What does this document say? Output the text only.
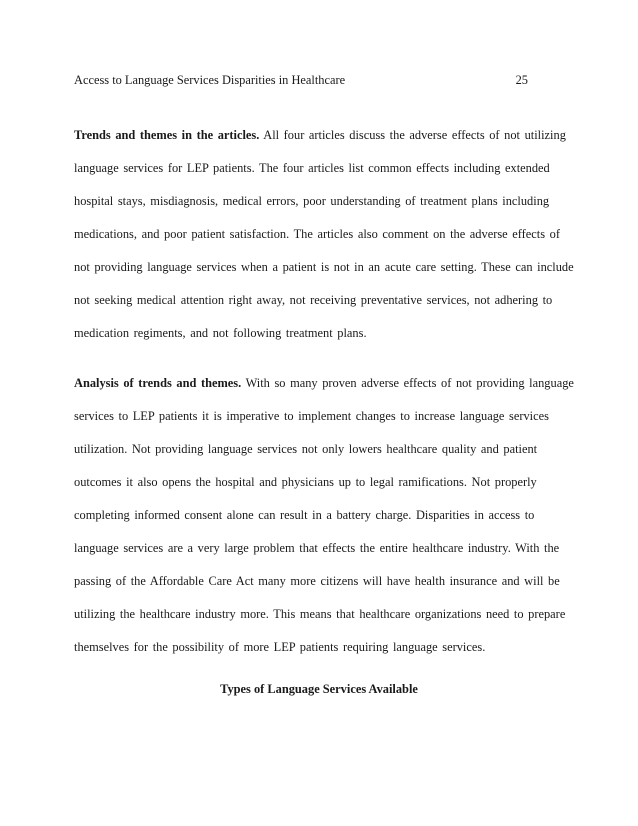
Access to Language Services Disparities in Healthcare	25
Trends and themes in the articles. All four articles discuss the adverse effects of not utilizing
language services for LEP patients. The four articles list common effects including extended
hospital stays, misdiagnosis, medical errors, poor understanding of treatment plans including
medications, and poor patient satisfaction. The articles also comment on the adverse effects of
not providing language services when a patient is not in an acute care setting. These can include
not seeking medical attention right away, not receiving preventative services, not adhering to
medication regiments, and not following treatment plans.
Analysis of trends and themes. With so many proven adverse effects of not providing language
services to LEP patients it is imperative to implement changes to increase language services
utilization. Not providing language services not only lowers healthcare quality and patient
outcomes it also opens the hospital and physicians up to legal ramifications. Not properly
completing informed consent alone can result in a battery charge. Disparities in access to
language services are a very large problem that effects the entire healthcare industry. With the
passing of the Affordable Care Act many more citizens will have health insurance and will be
utilizing the healthcare industry more. This means that healthcare organizations need to prepare
themselves for the possibility of more LEP patients requiring language services.
Types of Language Services Available
